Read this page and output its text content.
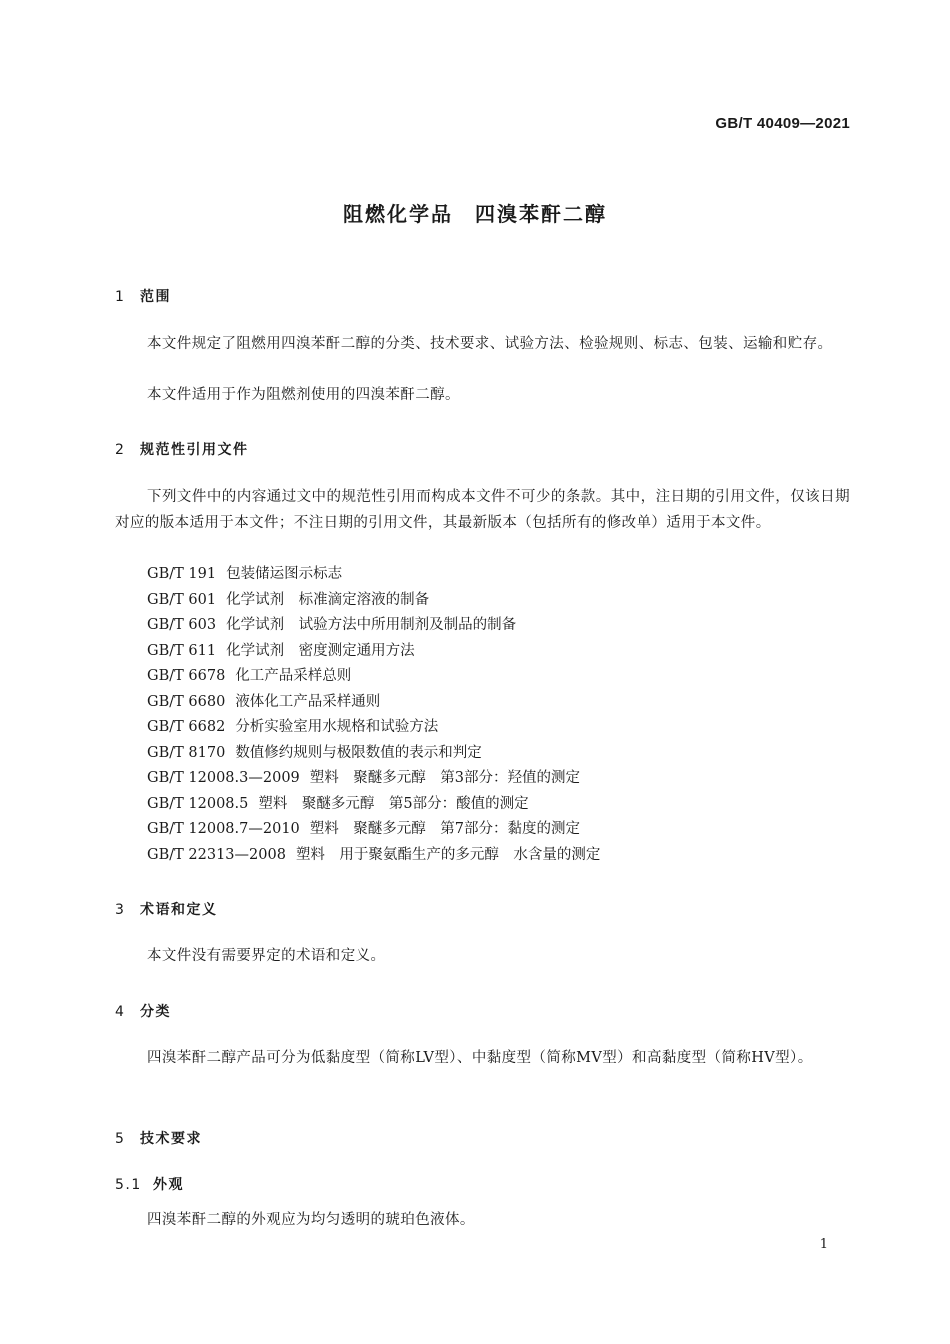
GB/T 40409—2021
阻燃化学品　四溴苯酐二醇
1 范围
本文件规定了阻燃用四溴苯酐二醇的分类、技术要求、试验方法、检验规则、标志、包装、运输和贮存。
本文件适用于作为阻燃剂使用的四溴苯酐二醇。
2 规范性引用文件
下列文件中的内容通过文中的规范性引用而构成本文件不可少的条款。其中，注日期的引用文件，仅该日期对应的版本适用于本文件；不注日期的引用文件，其最新版本（包括所有的修改单）适用于本文件。
GB/T 191 包装储运图示标志
GB/T 601 化学试剂　标准滴定溶液的制备
GB/T 603 化学试剂　试验方法中所用制剂及制品的制备
GB/T 611 化学试剂　密度测定通用方法
GB/T 6678 化工产品采样总则
GB/T 6680 液体化工产品采样通则
GB/T 6682 分析实验室用水规格和试验方法
GB/T 8170 数值修约规则与极限数值的表示和判定
GB/T 12008.3—2009 塑料　聚醚多元醇　第3部分：羟值的测定
GB/T 12008.5 塑料　聚醚多元醇　第5部分：酸值的测定
GB/T 12008.7—2010 塑料　聚醚多元醇　第7部分：黏度的测定
GB/T 22313—2008 塑料　用于聚氨酯生产的多元醇　水含量的测定
3 术语和定义
本文件没有需要界定的术语和定义。
4 分类
四溴苯酐二醇产品可分为低黏度型（简称LV型）、中黏度型（简称MV型）和高黏度型（简称HV型）。
5 技术要求
5.1 外观
四溴苯酐二醇的外观应为均匀透明的琥珀色液体。
1
